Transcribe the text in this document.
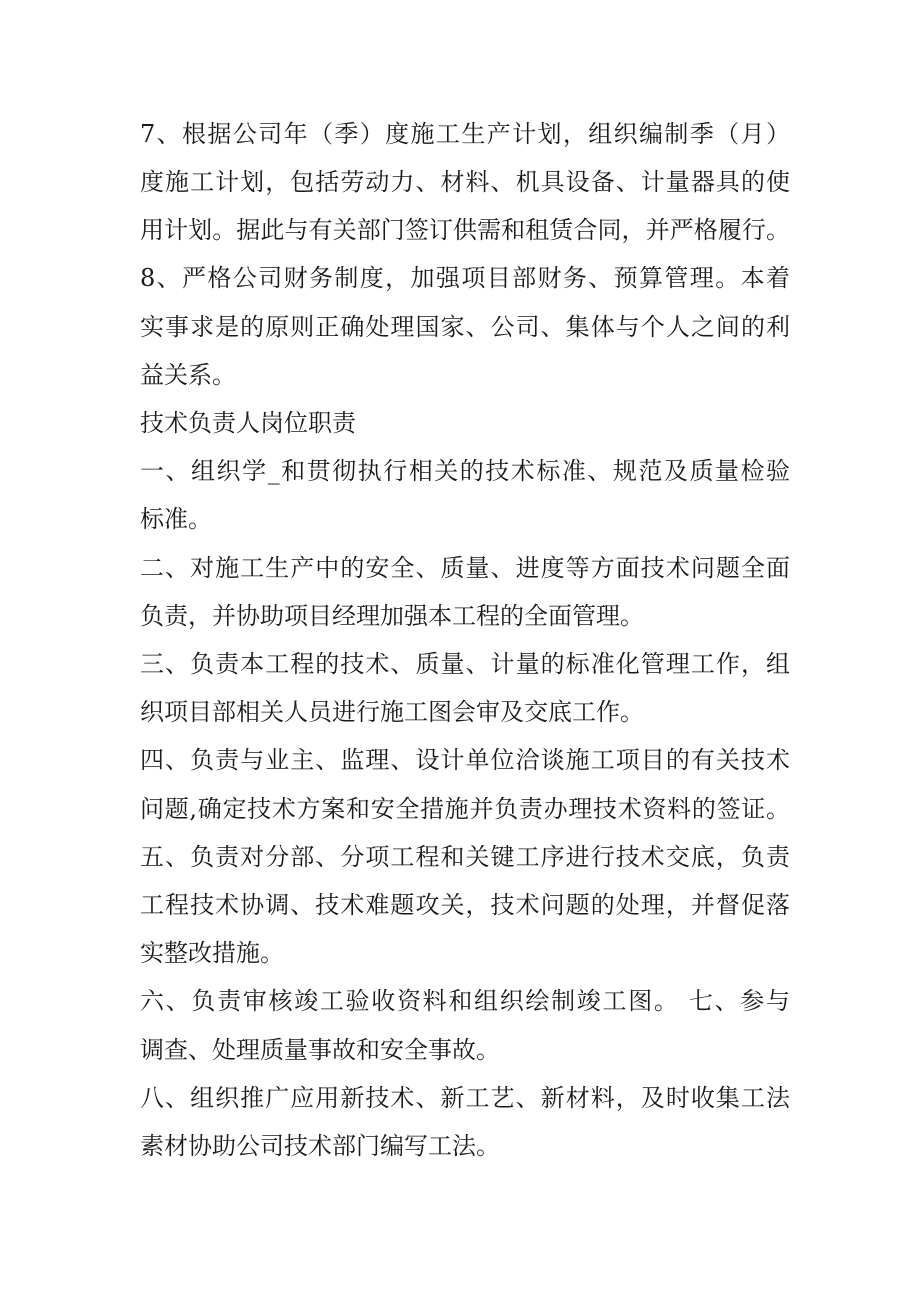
7、根据公司年（季）度施工生产计划，组织编制季（月）
度施工计划，包括劳动力、材料、机具设备、计量器具的使
用计划。据此与有关部门签订供需和租赁合同，并严格履行。
8、严格公司财务制度，加强项目部财务、预算管理。本着
实事求是的原则正确处理国家、公司、集体与个人之间的利
益关系。
技术负责人岗位职责
一、组织学_和贯彻执行相关的技术标准、规范及质量检验
标准。
二、对施工生产中的安全、质量、进度等方面技术问题全面
负责，并协助项目经理加强本工程的全面管理。
三、负责本工程的技术、质量、计量的标准化管理工作，组
织项目部相关人员进行施工图会审及交底工作。
四、负责与业主、监理、设计单位洽谈施工项目的有关技术
问题,确定技术方案和安全措施并负责办理技术资料的签证。
五、负责对分部、分项工程和关键工序进行技术交底，负责
工程技术协调、技术难题攻关，技术问题的处理，并督促落
实整改措施。
六、负责审核竣工验收资料和组织绘制竣工图。 七、参与
调查、处理质量事故和安全事故。
八、组织推广应用新技术、新工艺、新材料，及时收集工法
素材协助公司技术部门编写工法。
